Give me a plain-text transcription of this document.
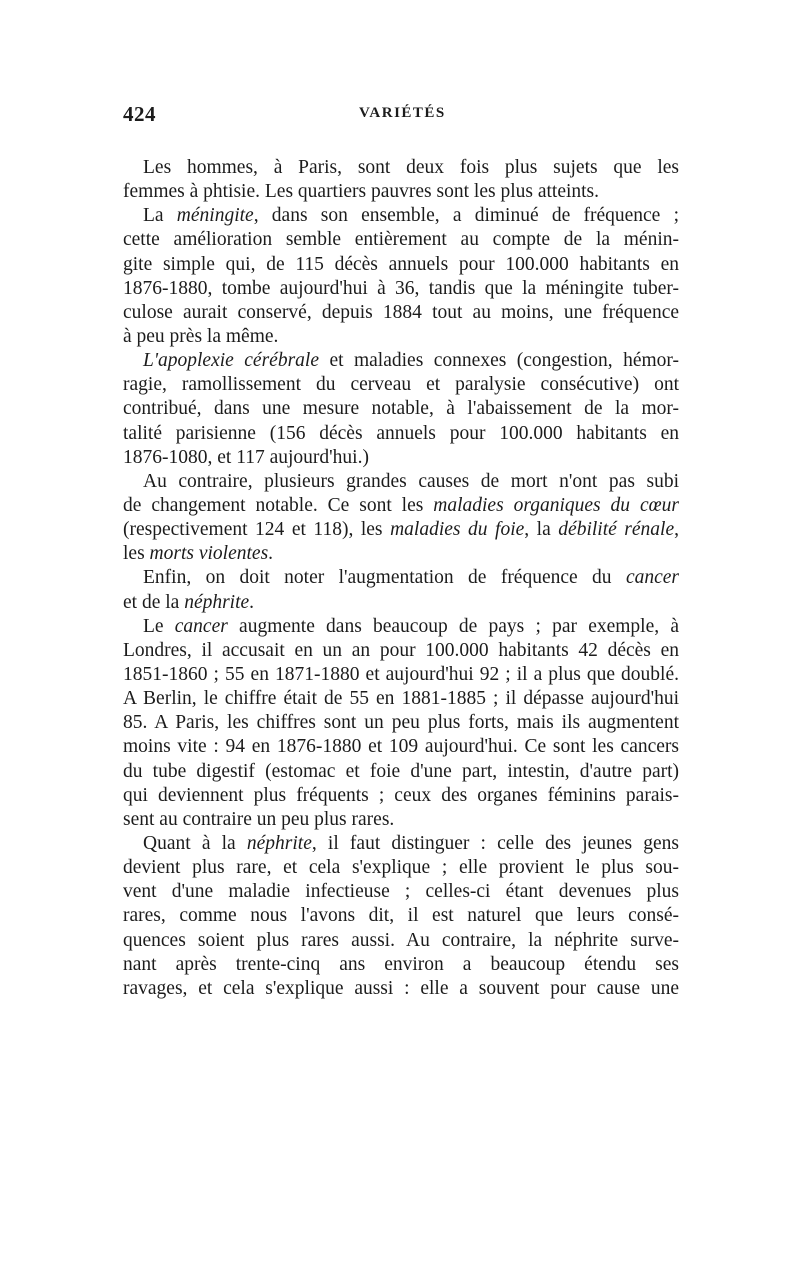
424	VARIÉTÉS
Les hommes, à Paris, sont deux fois plus sujets que les
femmes à phtisie. Les quartiers pauvres sont les plus atteints.
La méningite, dans son ensemble, a diminué de fréquence ;
cette amélioration semble entièrement au compte de la ménin-
gite simple qui, de 115 décès annuels pour 100.000 habitants en
1876-1880, tombe aujourd'hui à 36, tandis que la méningite tuber-
culose aurait conservé, depuis 1884 tout au moins, une fréquence
à peu près la même.
L'apoplexie cérébrale et maladies connexes (congestion, hémor-
ragie, ramollissement du cerveau et paralysie consécutive) ont
contribué, dans une mesure notable, à l'abaissement de la mor-
talité parisienne (156 décès annuels pour 100.000 habitants en
1876-1080, et 117 aujourd'hui.)
Au contraire, plusieurs grandes causes de mort n'ont pas subi
de changement notable. Ce sont les maladies organiques du cœur
(respectivement 124 et 118), les maladies du foie, la débilité rénale,
les morts violentes.
Enfin, on doit noter l'augmentation de fréquence du cancer
et de la néphrite.
Le cancer augmente dans beaucoup de pays ; par exemple, à
Londres, il accusait en un an pour 100.000 habitants 42 décès en
1851-1860 ; 55 en 1871-1880 et aujourd'hui 92 ; il a plus que doublé.
A Berlin, le chiffre était de 55 en 1881-1885 ; il dépasse aujourd'hui
85. A Paris, les chiffres sont un peu plus forts, mais ils augmentent
moins vite : 94 en 1876-1880 et 109 aujourd'hui. Ce sont les cancers
du tube digestif (estomac et foie d'une part, intestin, d'autre part)
qui deviennent plus fréquents ; ceux des organes féminins parais-
sent au contraire un peu plus rares.
Quant à la néphrite, il faut distinguer : celle des jeunes gens
devient plus rare, et cela s'explique ; elle provient le plus sou-
vent d'une maladie infectieuse ; celles-ci étant devenues plus
rares, comme nous l'avons dit, il est naturel que leurs consé-
quences soient plus rares aussi. Au contraire, la néphrite surve-
nant après trente-cinq ans environ a beaucoup étendu ses
ravages, et cela s'explique aussi : elle a souvent pour cause une
